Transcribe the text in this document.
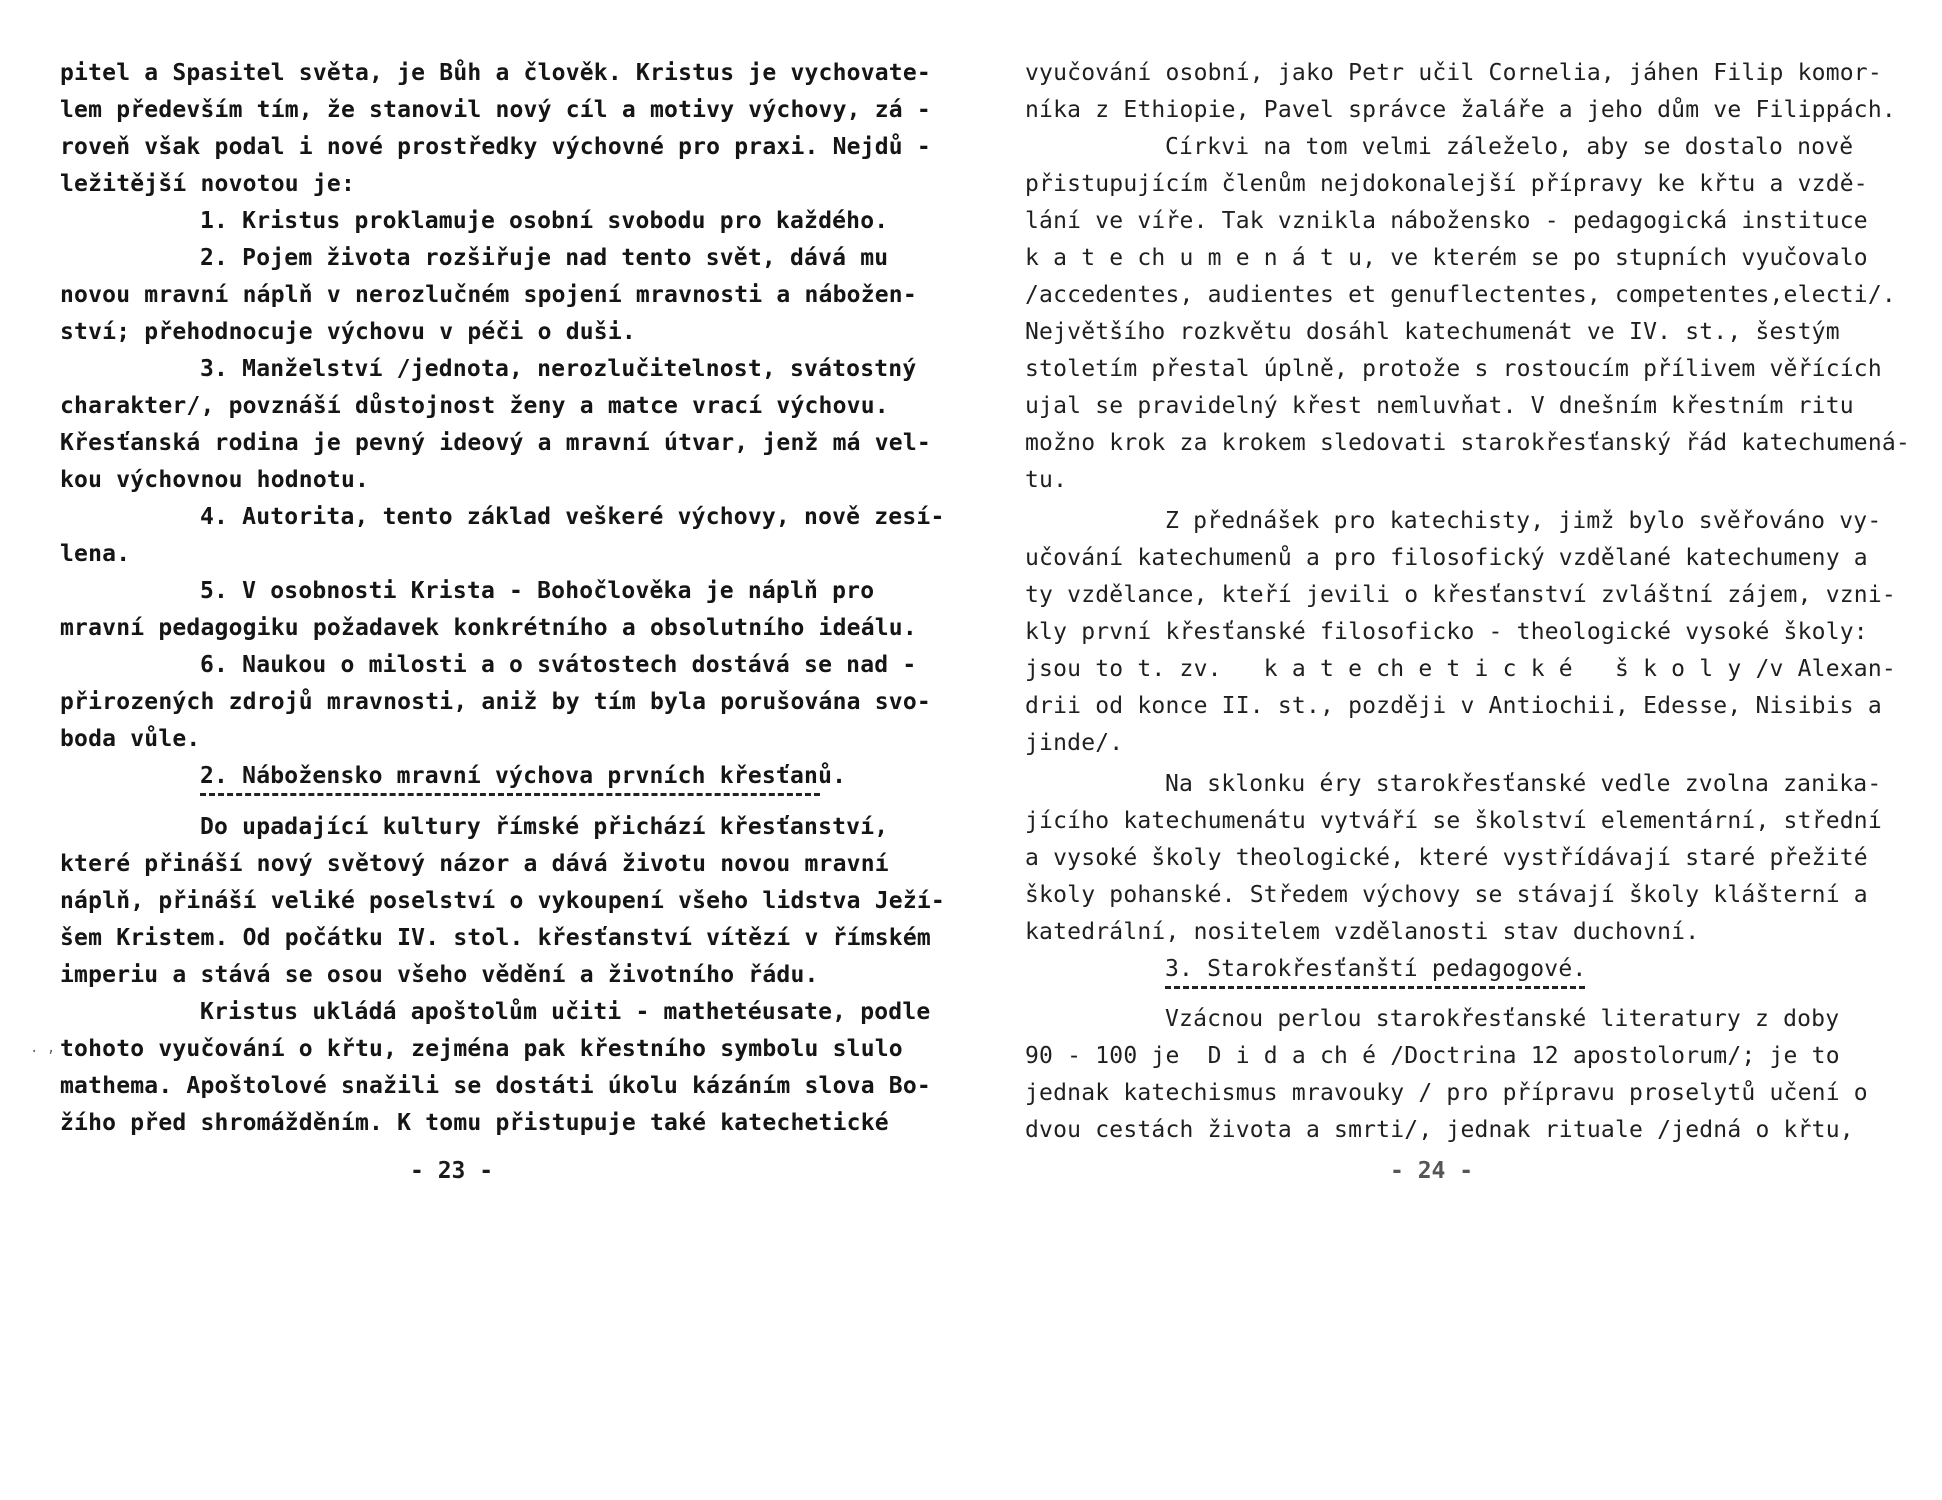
pitel a Spasitel světa, je Bůh a člověk. Kristus je vychovate-
lem především tím, že stanovil nový cíl a motivy výchovy, zá -
roveň však podal i nové prostředky výchovné pro praxi. Nejdů -
ležitější novotou je:
1. Kristus proklamuje osobní svobodu pro každého.
2. Pojem života rozšiřuje nad tento svět, dává mu
novou mravní náplň v nerozlučném spojení mravnosti a nábožen-
ství; přehodnocuje výchovu v péči o duši.
3. Manželství /jednota, nerozlučitelnost, svátostný
charakter/, povznáší důstojnost ženy a matce vrací výchovu.
Křesťanská rodina je pevný ideový a mravní útvar, jenž má vel-
kou výchovnou hodnotu.
4. Autorita, tento základ veškeré výchovy, nově zesí-
lena.
5. V osobnosti Krista - Bohočlověka je náplň pro
mravní pedagogiku požadavek konkrétního a obsolutního ideálu.
6. Naukou o milosti a o svátostech dostává se nad -
přirozených zdrojů mravnosti, aniž by tím byla porušována svo-
boda vůle.
2. Nábožensko mravní výchova prvních křesťanů.
Do upadající kultury římské přichází křesťanství,
které přináší nový světový názor a dává životu novou mravní
náplň, přináší veliké poselství o vykoupení všeho lidstva Ježí-
šem Kristem. Od počátku IV. stol. křesťanství vítězí v římském
imperiu a stává se osou všeho vědění a životního řádu.
Kristus ukládá apoštolům učiti - mathetéusate, podle
tohoto vyučování o křtu, zejména pak křestního symbolu slulo
mathema. Apoštolové snažili se dostáti úkolu kázáním slova Bo-
žího před shromážděním. K tomu přistupuje také katechetické
- 23 -
. ,
vyučování osobní, jako Petr učil Cornelia, jáhen Filip komor-
níka z Ethiopie, Pavel správce žaláře a jeho dům ve Filippách.
Církvi na tom velmi záleželo, aby se dostalo nově
přistupujícím členům nejdokonalejší přípravy ke křtu a vzdě-
lání ve víře. Tak vznikla nábožensko - pedagogická instituce
k a t e ch u m e n á t u, ve kterém se po stupních vyučovalo
/accedentes, audientes et genuflectentes, competentes,electi/.
Největšího rozkvětu dosáhl katechumenát ve IV. st., šestým
stoletím přestal úplně, protože s rostoucím přílivem věřících
ujal se pravidelný křest nemluvňat. V dnešním křestním ritu
možno krok za krokem sledovati starokřesťanský řád katechumená-
tu.
Z přednášek pro katechisty, jimž bylo svěřováno vy-
učování katechumenů a pro filosofický vzdělané katechumeny a
ty vzdělance, kteří jevili o křesťanství zvláštní zájem, vzni-
kly první křesťanské filosoficko - theologické vysoké školy:
jsou to t. zv.   k a t e ch e t i c k é   š k o l y /v Alexan-
drii od konce II. st., později v Antiochii, Edesse, Nisibis a
jinde/.
Na sklonku éry starokřesťanské vedle zvolna zanika-
jícího katechumenátu vytváří se školství elementární, střední
a vysoké školy theologické, které vystřídávají staré přežité
školy pohanské. Středem výchovy se stávají školy klášterní a
katedrální, nositelem vzdělanosti stav duchovní.
3. Starokřesťanští pedagogové.
Vzácnou perlou starokřesťanské literatury z doby
90 - 100 je  D i d a ch é /Doctrina 12 apostolorum/; je to
jednak katechismus mravouky / pro přípravu proselytů učení o
dvou cestách života a smrti/, jednak rituale /jedná o křtu,
- 24 -
